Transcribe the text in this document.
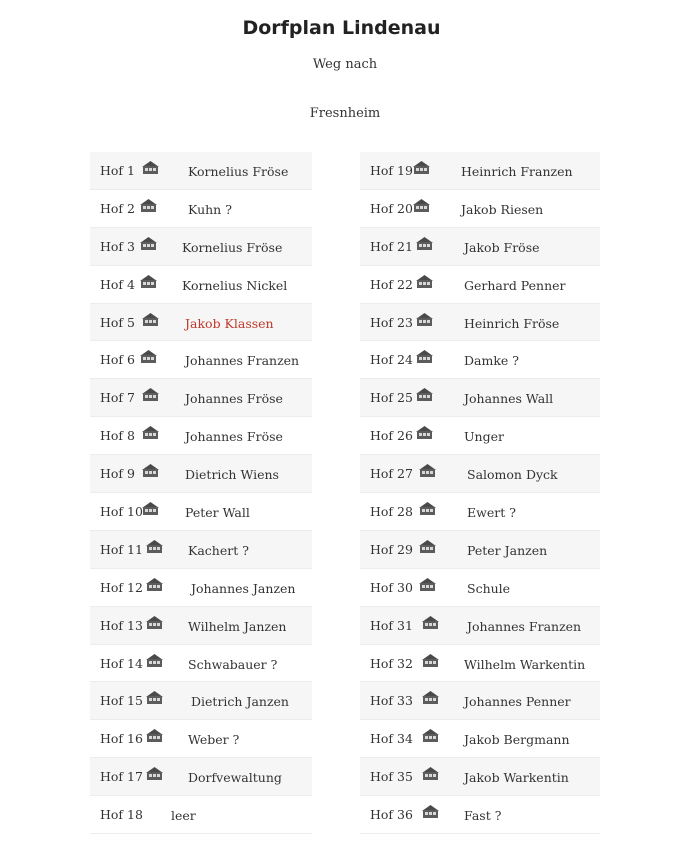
Dorfplan Lindenau
Weg nach
Fresnheim
Hof 1	Kornelius Fröse
Hof 2	Kuhn ?
Hof 3	Kornelius Fröse
Hof 4	Kornelius Nickel
Hof 5	Jakob Klassen
Hof 6	Johannes Franzen
Hof 7	Johannes Fröse
Hof 8	Johannes Fröse
Hof 9	Dietrich Wiens
Hof 10	Peter Wall
Hof 11	Kachert ?
Hof 12	Johannes Janzen
Hof 13	Wilhelm Janzen
Hof 14	Schwabauer ?
Hof 15	Dietrich Janzen
Hof 16	Weber ?
Hof 17	Dorfvewaltung
Hof 18 leer
Hof 19	Heinrich Franzen
Hof 20	Jakob Riesen
Hof 21	Jakob Fröse
Hof 22	Gerhard Penner
Hof 23	Heinrich Fröse
Hof 24	Damke ?
Hof 25	Johannes Wall
Hof 26	Unger
Hof 27	Salomon Dyck
Hof 28	Ewert ?
Hof 29	Peter Janzen
Hof 30	Schule
Hof 31	Johannes Franzen
Hof 32	Wilhelm Warkentin
Hof 33	Johannes Penner
Hof 34	Jakob Bergmann
Hof 35	Jakob Warkentin
Hof 36	Fast ?
